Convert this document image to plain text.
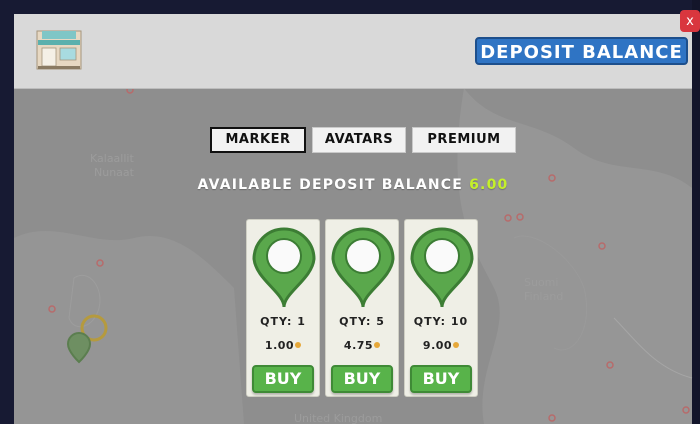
Kalaallit
Nunaat
Suomi
Finland
United Kingdom
DEPOSIT BALANCE
x
MARKER	AVATARS	PREMIUM
AVAILABLE DEPOSIT BALANCE 6.00
QTY: 1
1.00
BUY
QTY: 5
4.75
BUY
QTY: 10
9.00
BUY
